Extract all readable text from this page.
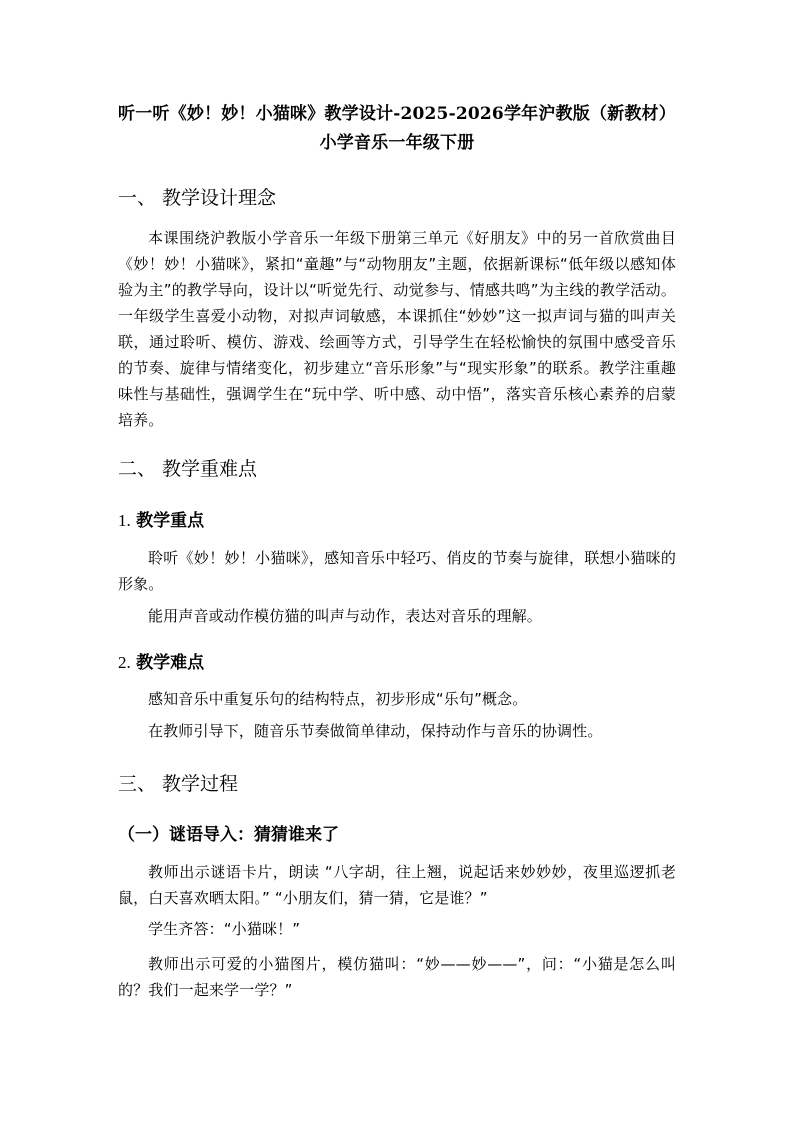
听一听《妙！妙！小猫咪》教学设计-2025-2026学年沪教版（新教材）小学音乐一年级下册
一、 教学设计理念
本课围绕沪教版小学音乐一年级下册第三单元《好朋友》中的另一首欣赏曲目《妙！妙！小猫咪》，紧扣“童趣”与“动物朋友”主题，依据新课标“低年级以感知体验为主”的教学导向，设计以“听觉先行、动觉参与、情感共鸣”为主线的教学活动。一年级学生喜爱小动物，对拟声词敏感，本课抓住“妙妙”这一拟声词与猫的叫声关联，通过聆听、模仿、游戏、绘画等方式，引导学生在轻松愉快的氛围中感受音乐的节奏、旋律与情绪变化，初步建立“音乐形象”与“现实形象”的联系。教学注重趣味性与基础性，强调学生在“玩中学、听中感、动中悟”，落实音乐核心素养的启蒙培养。
二、 教学重难点
1. 教学重点
聆听《妙！妙！小猫咪》，感知音乐中轻巧、俏皮的节奏与旋律，联想小猫咪的形象。
能用声音或动作模仿猫的叫声与动作，表达对音乐的理解。
2. 教学难点
感知音乐中重复乐句的结构特点，初步形成“乐句”概念。
在教师引导下，随音乐节奏做简单律动，保持动作与音乐的协调性。
三、 教学过程
（一）谜语导入：猜猜谁来了
教师出示谜语卡片，朗读 “八字胡，往上翘，说起话来妙妙妙，夜里巡逻抓老鼠，白天喜欢晒太阳。” “小朋友们，猜一猜，它是谁？”
学生齐答：“小猫咪！”
教师出示可爱的小猫图片，模仿猫叫：“妙——妙——”，问：“小猫是怎么叫的？我们一起来学一学？”
